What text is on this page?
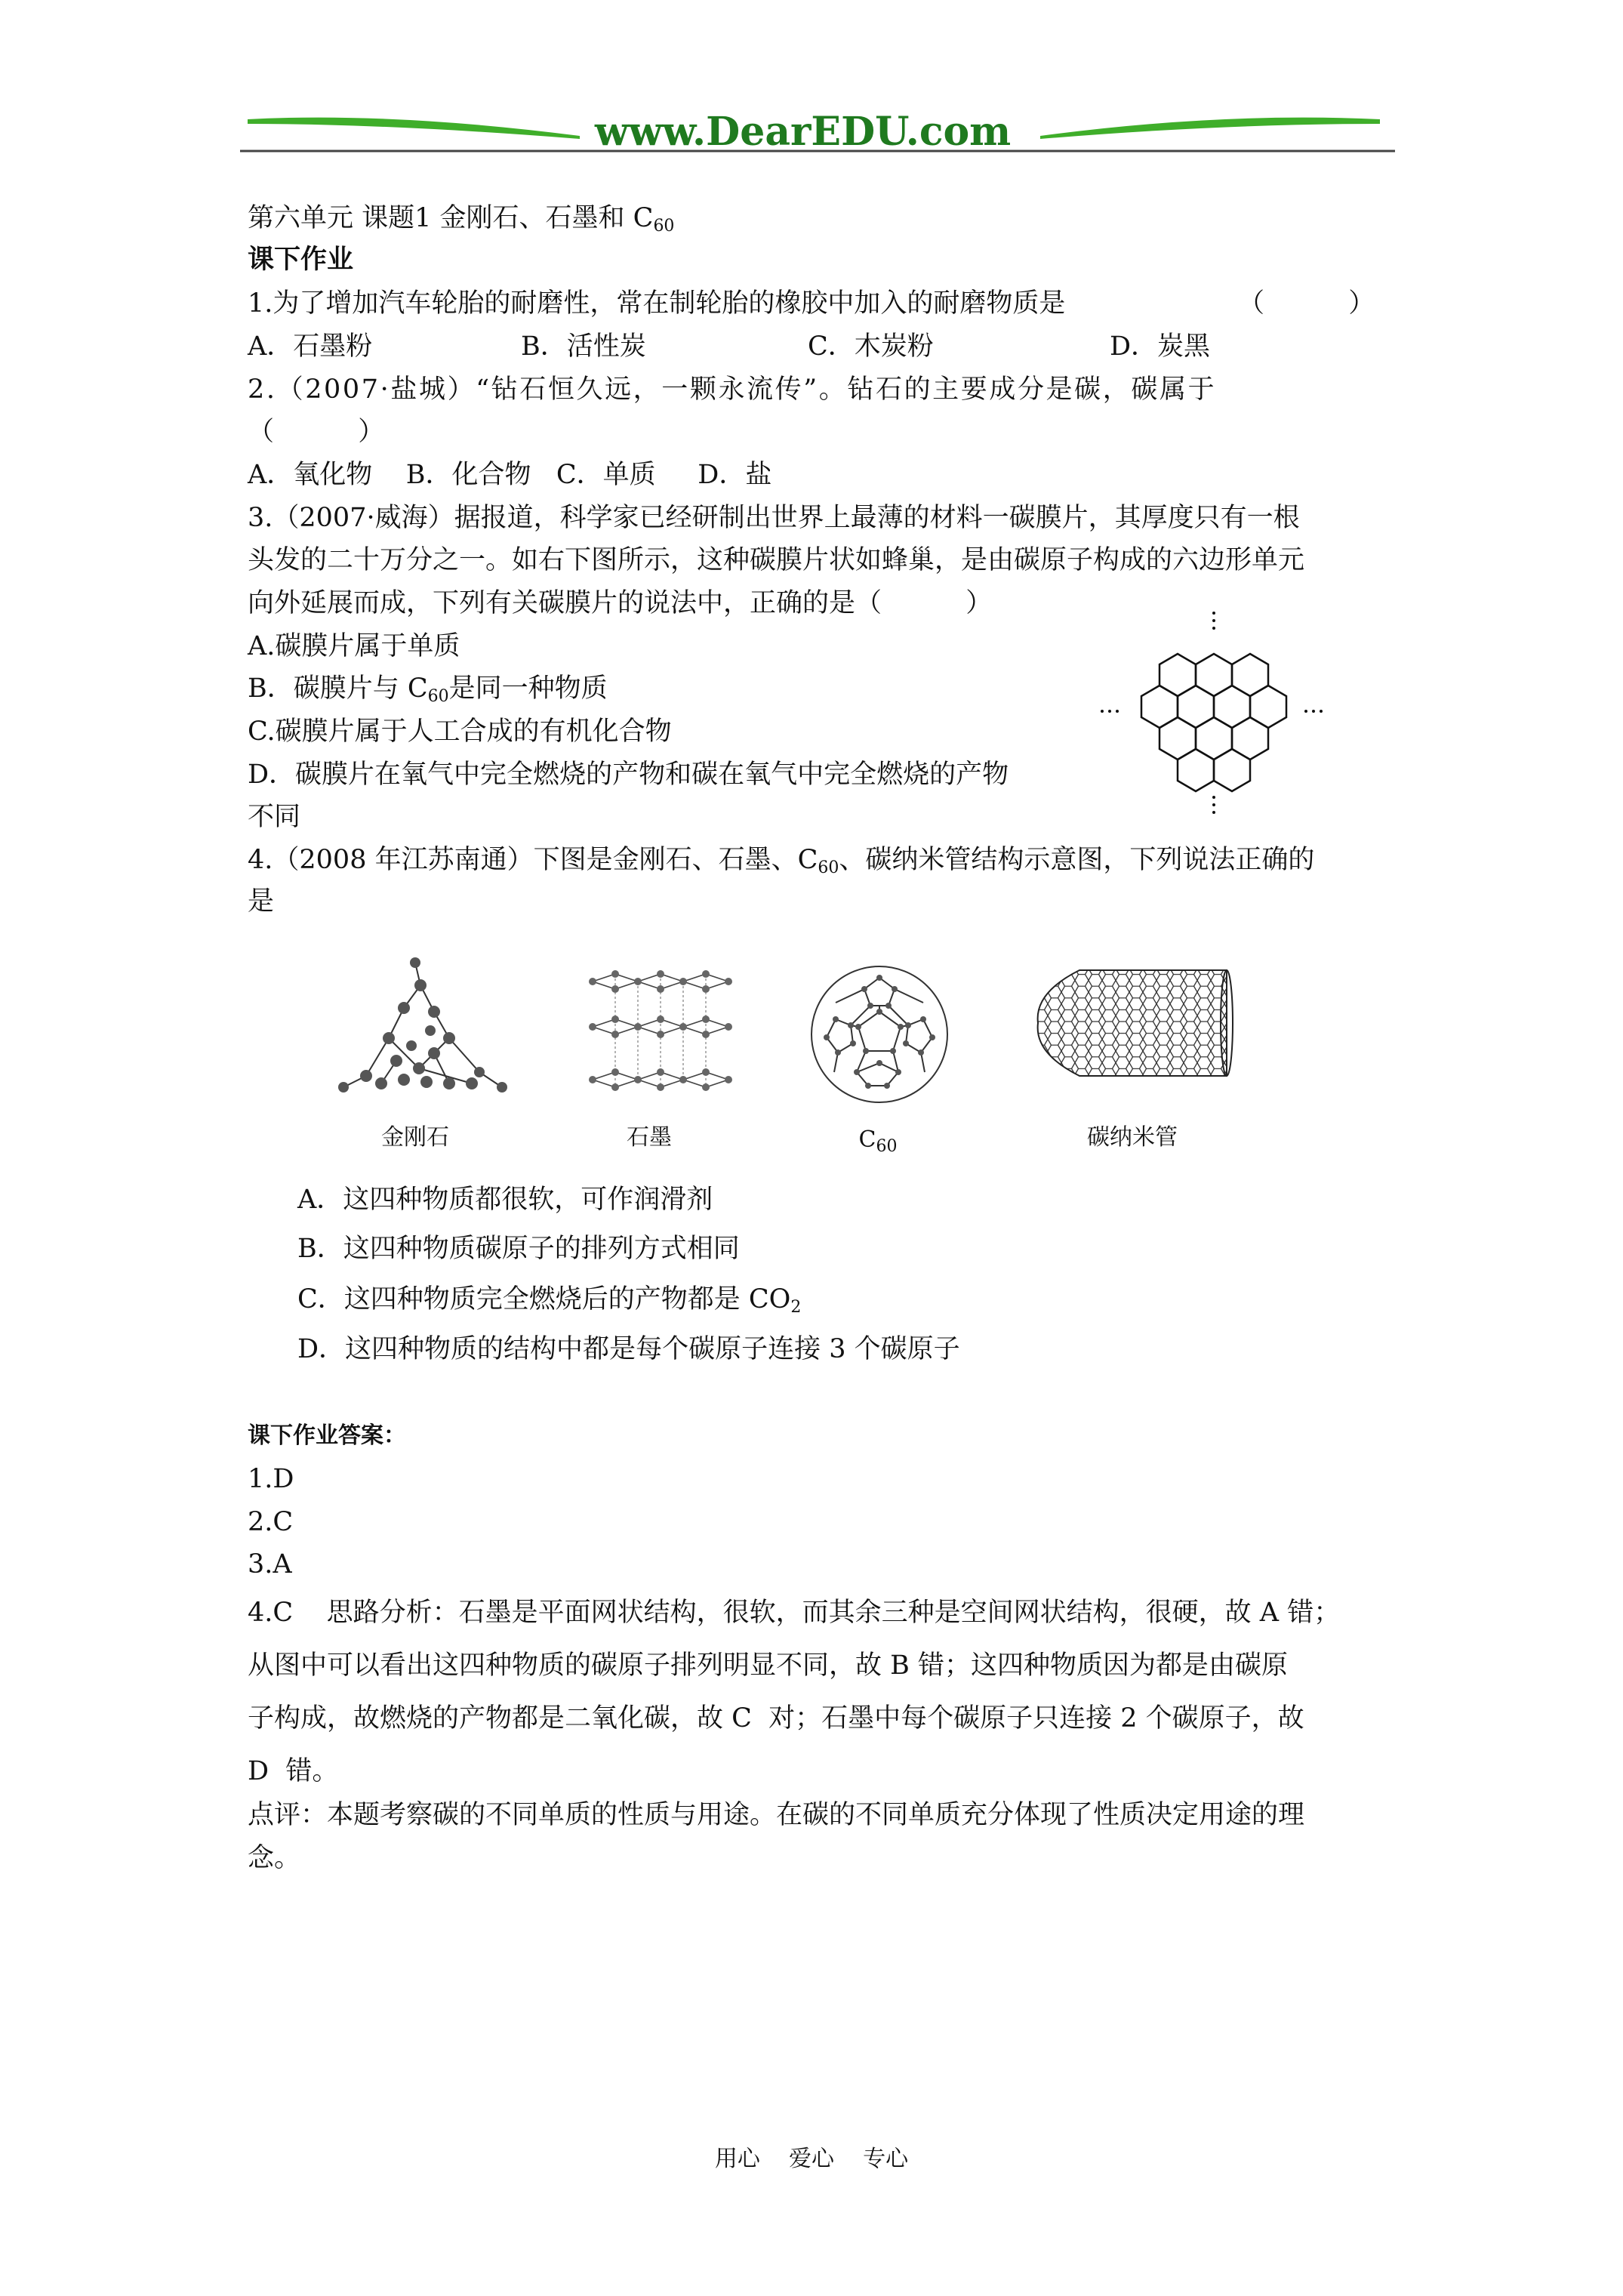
www.DearEDU.com
第六单元 课题1 金刚石、石墨和 $C_{60}$
课下作业
1.为了增加汽车轮胎的耐磨性，常在制轮胎的橡胶中加入的耐磨物质是	（          ）
A．石墨粉	B．活性炭	C．木炭粉	D．炭黑
2.（2007·盐城）“钻石恒久远，一颗永流传”。钻石的主要成分是碳，碳属于
（          ）
A．氧化物    B．化合物   C．单质     D．盐
3.（2007·威海）据报道，科学家已经研制出世界上最薄的材料一碳膜片，其厚度只有一根
头发的二十万分之一。如右下图所示，这种碳膜片状如蜂巢，是由碳原子构成的六边形单元
向外延展而成，下列有关碳膜片的说法中，正确的是（          ）
A.碳膜片属于单质
B．碳膜片与 $C_{60}$是同一种物质
C.碳膜片属于人工合成的有机化合物
D．碳膜片在氧气中完全燃烧的产物和碳在氧气中完全燃烧的产物
不同
4.（2008 年江苏南通）下图是金刚石、石墨、$C_{60}$、碳纳米管结构示意图，下列说法正确的
是
金刚石	石墨	$C_{60}$	碳纳米管
A．这四种物质都很软，可作润滑剂
B．这四种物质碳原子的排列方式相同
C．这四种物质完全燃烧后的产物都是 $CO_2$
D．这四种物质的结构中都是每个碳原子连接 3 个碳原子
课下作业答案：
1.D
2.C
3.A
4.C    思路分析：石墨是平面网状结构，很软，而其余三种是空间网状结构，很硬，故 A 错；
从图中可以看出这四种物质的碳原子排列明显不同，故 B 错；这四种物质因为都是由碳原
子构成，故燃烧的产物都是二氧化碳，故 C  对；石墨中每个碳原子只连接 2 个碳原子，故
D  错。
点评：本题考察碳的不同单质的性质与用途。在碳的不同单质充分体现了性质决定用途的理
念。
用心    爱心    专心
